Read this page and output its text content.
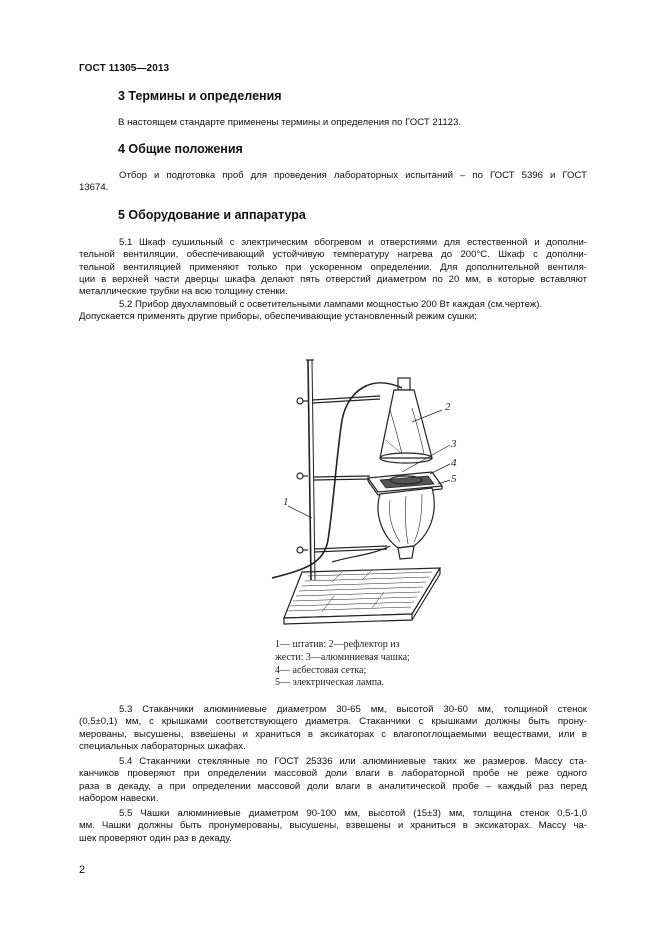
ГОСТ 11305—2013
3 Термины и определения
В настоящем стандарте применены термины и определения по ГОСТ 21123.
4 Общие положения
Отбор и подготовка проб для проведения лабораторных испытаний – по ГОСТ 5396 и ГОСТ
13674.
5 Оборудование и аппаратура
5.1 Шкаф сушильный с электрическим обогревом и отверстиями для естественной и дополни-
тельной вентиляции, обеспечивающий устойчивую температуру нагрева до 200°С. Шкаф с дополни-
тельной вентиляцией применяют только при ускоренном определении. Для дополнительной вентиля-
ции в верхней части дверцы шкафа делают пять отверстий диаметром по 20 мм, в которые вставляют
металлические трубки на всю толщину стенки.
5.2 Прибор двухламповый с осветительными лампами мощностью 200 Вт каждая (см.чертеж).
Допускается применять другие приборы, обеспечивающие установленный режим сушки;
2
3
4
5
1
1— штатив: 2—рефлектор из
жести: 3—алюминиевая чашка;
4— асбестовая сетка;
5— электрическая лампа.
5.3 Стаканчики алюминиевые диаметром 30-65 мм, высотой 30-60 мм, толщиной стенок
(0,5±0,1) мм, с крышками соответствующего диаметра. Стаканчики с крышками должны быть прону-
мерованы, высушены, взвешены и храниться в эксикаторах с влагопоглощаемыми веществами, или в
специальных лабораторных шкафах.
5.4 Стаканчики стеклянные по ГОСТ 25336 или алюминиевые таких же размеров. Массу ста-
канчиков проверяют при определении массовой доли влаги в лабораторной пробе не реже одного
раза в декаду, а при определении массовой доли влаги в аналитической пробе – каждый раз перед
набором навески.
5.5 Чашки алюминиевые диаметром 90-100 мм, высотой (15±3) мм, толщина стенок 0,5-1,0
мм. Чашки должны быть пронумерованы, высушены, взвешены и храниться в эксикаторах. Массу ча-
шек проверяют один раз в декаду.
2
